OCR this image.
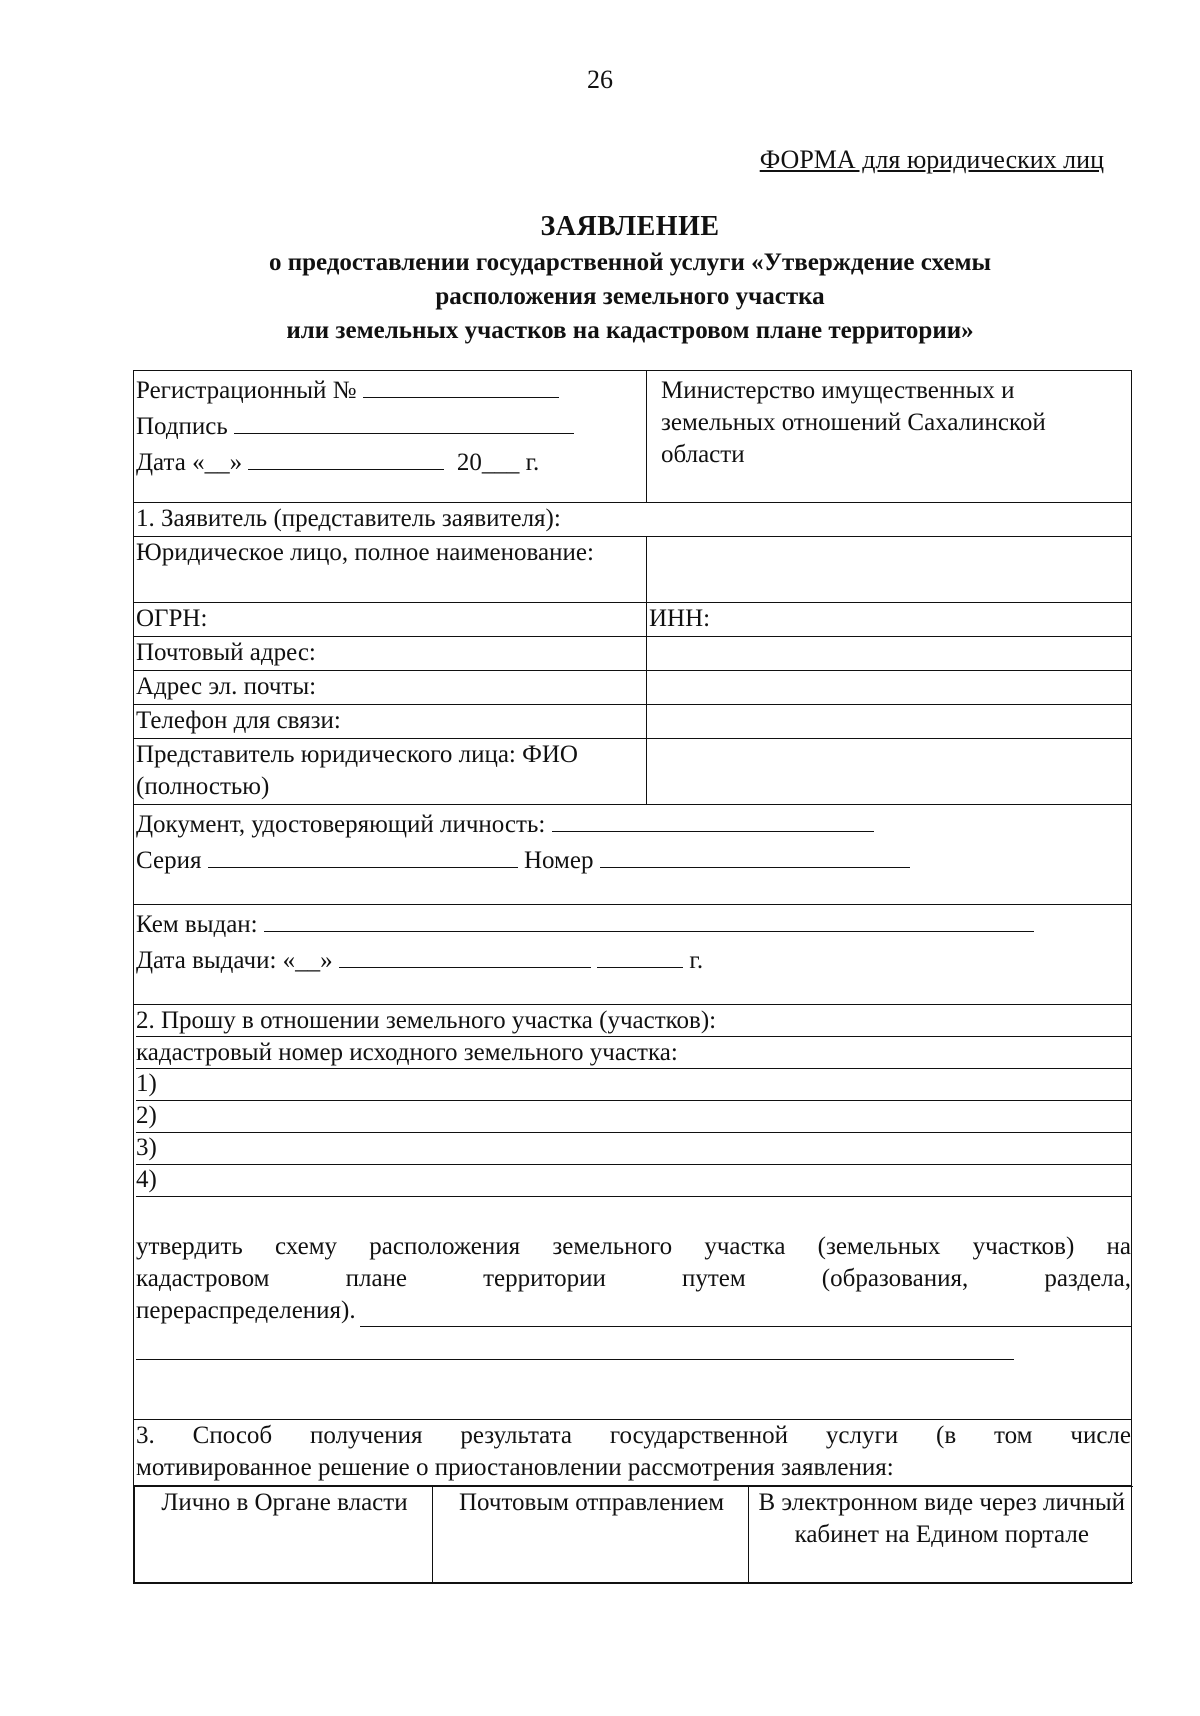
26
ФОРМА для юридических лиц
ЗАЯВЛЕНИЕ
о предоставлении государственной услуги «Утверждение схемы
расположения земельного участка
или земельных участков на кадастровом плане территории»
Регистрационный №
Подпись
Дата «__»	20___ г.
	Министерство имущественных и земельных отношений Сахалинской области
1. Заявитель (представитель заявителя):
Юридическое лицо, полное наименование:	
ОГРН:	ИНН:
Почтовый адрес:	
Адрес эл. почты:	
Телефон для связи:	
Представитель юридического лица: ФИО (полностью)	

Документ, удостоверяющий личность:
Серия	Номер

Кем выдан:
Дата выдачи: «__»	г.

2. Прошу в отношении земельного участка (участков):
кадастровый номер исходного земельного участка:
1)
2)
3)
4)
утвердить схему расположения земельного участка (земельных участков) на
кадастровом плане территории путем (образования, раздела,
перераспределения).

3. Способ получения результата государственной услуги (в том числе
мотивированное решение о приостановлении рассмотрения заявления:

Лично в Органе власти	Почтовым отправлением	В электронном виде через личный кабинет на Едином портале
